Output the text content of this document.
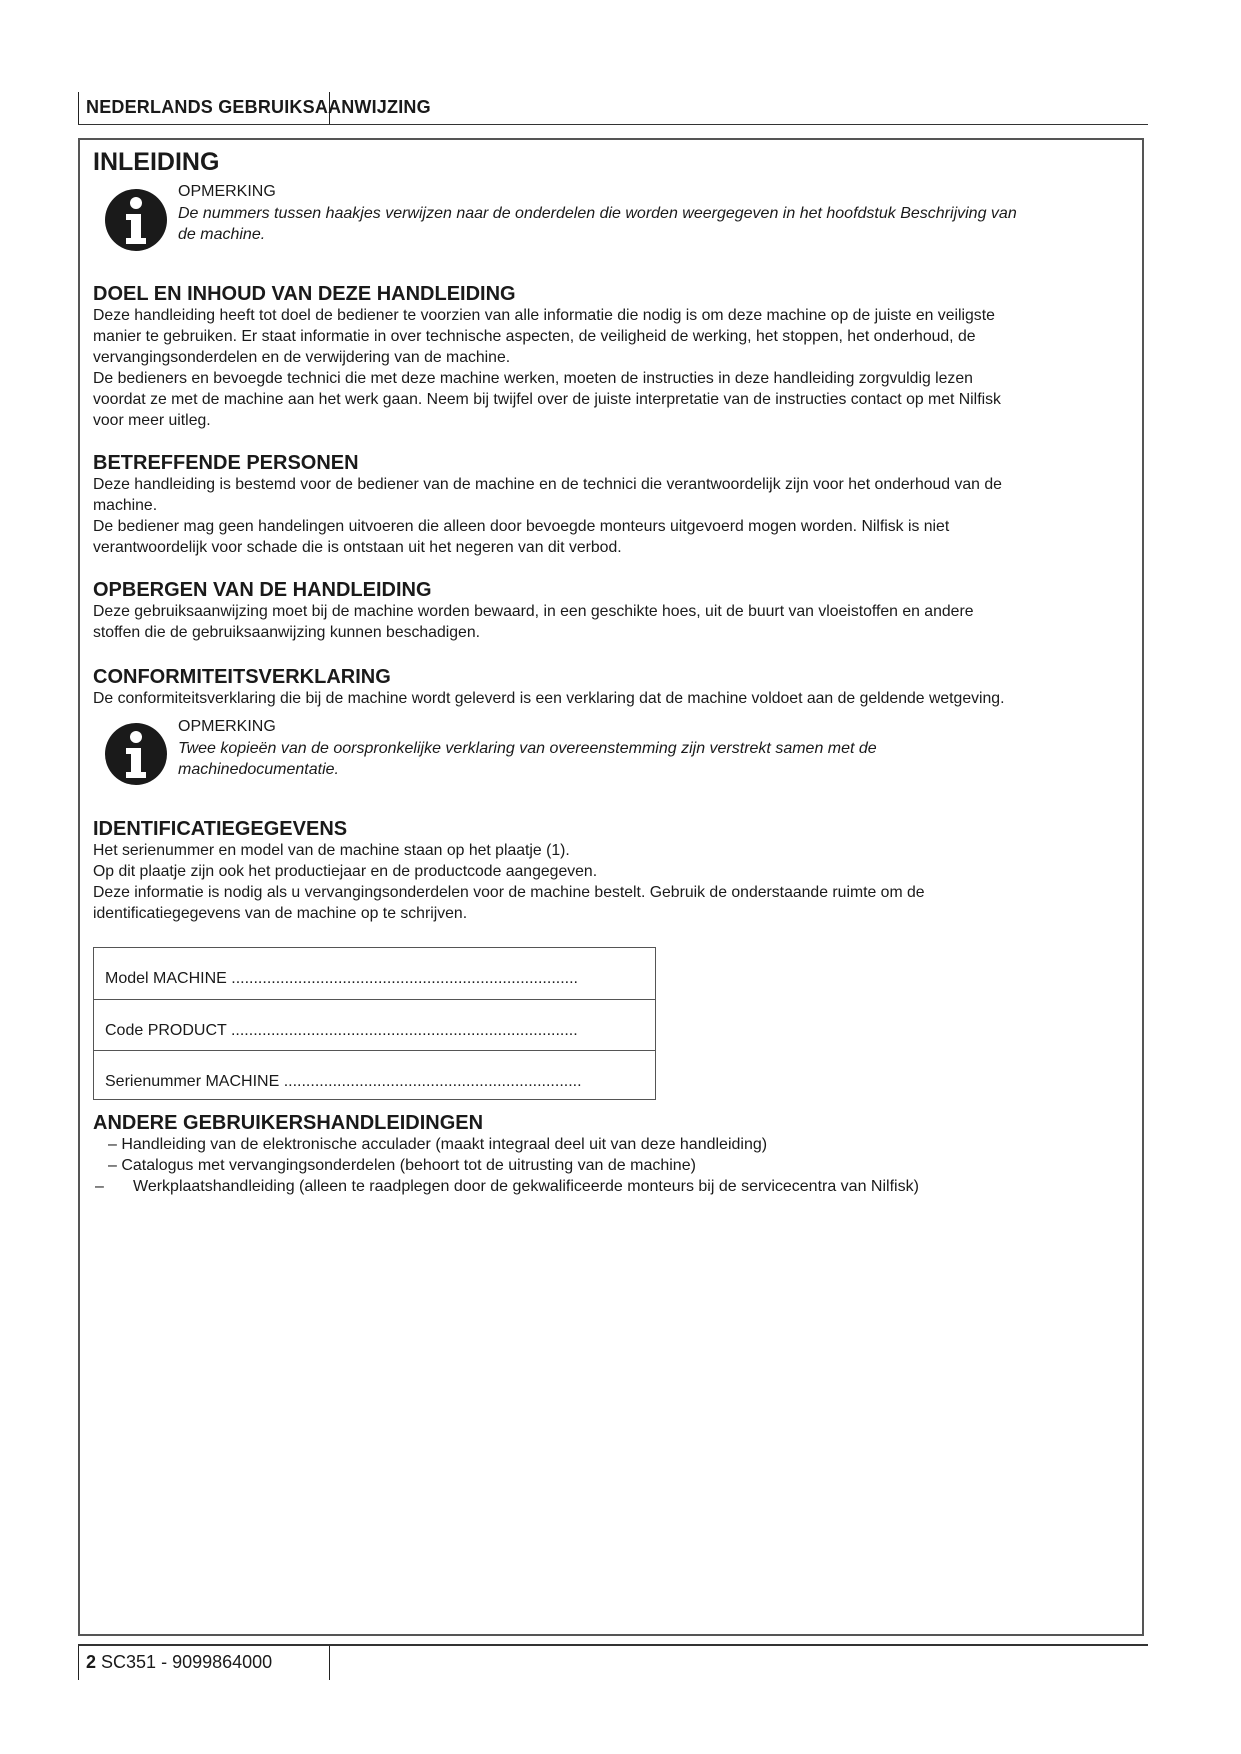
NEDERLANDS GEBRUIKSAANWIJZING
INLEIDING
OPMERKING
De nummers tussen haakjes verwijzen naar de onderdelen die worden weergegeven in het hoofdstuk Beschrijving van
de machine.
DOEL EN INHOUD VAN DEZE HANDLEIDING
Deze handleiding heeft tot doel de bediener te voorzien van alle informatie die nodig is om deze machine op de juiste en veiligste
manier te gebruiken. Er staat informatie in over technische aspecten, de veiligheid de werking, het stoppen, het onderhoud, de
vervangingsonderdelen en de verwijdering van de machine.
De bedieners en bevoegde technici die met deze machine werken, moeten de instructies in deze handleiding zorgvuldig lezen
voordat ze met de machine aan het werk gaan. Neem bij twijfel over de juiste interpretatie van de instructies contact op met Nilfisk
voor meer uitleg.
BETREFFENDE PERSONEN
Deze handleiding is bestemd voor de bediener van de machine en de technici die verantwoordelijk zijn voor het onderhoud van de
machine.
De bediener mag geen handelingen uitvoeren die alleen door bevoegde monteurs uitgevoerd mogen worden. Nilfisk is niet
verantwoordelijk voor schade die is ontstaan uit het negeren van dit verbod.
OPBERGEN VAN DE HANDLEIDING
Deze gebruiksaanwijzing moet bij de machine worden bewaard, in een geschikte hoes, uit de buurt van vloeistoffen en andere
stoffen die de gebruiksaanwijzing kunnen beschadigen.
CONFORMITEITSVERKLARING
De conformiteitsverklaring die bij de machine wordt geleverd is een verklaring dat de machine voldoet aan de geldende wetgeving.
OPMERKING
Twee kopieën van de oorspronkelijke verklaring van overeenstemming zijn verstrekt samen met de
machinedocumentatie.
IDENTIFICATIEGEGEVENS
Het serienummer en model van de machine staan op het plaatje (1).
Op dit plaatje zijn ook het productiejaar en de productcode aangegeven.
Deze informatie is nodig als u vervangingsonderdelen voor de machine bestelt. Gebruik de onderstaande ruimte om de
identificatiegegevens van de machine op te schrijven.
Model MACHINE ..............................................................................
Code PRODUCT ..............................................................................
Serienummer MACHINE ...................................................................
ANDERE GEBRUIKERSHANDLEIDINGEN
– Handleiding van de elektronische acculader (maakt integraal deel uit van deze handleiding)
– Catalogus met vervangingsonderdelen (behoort tot de uitrusting van de machine)
– Werkplaatshandleiding (alleen te raadplegen door de gekwalificeerde monteurs bij de servicecentra van Nilfisk)
2 SC351 - 9099864000
